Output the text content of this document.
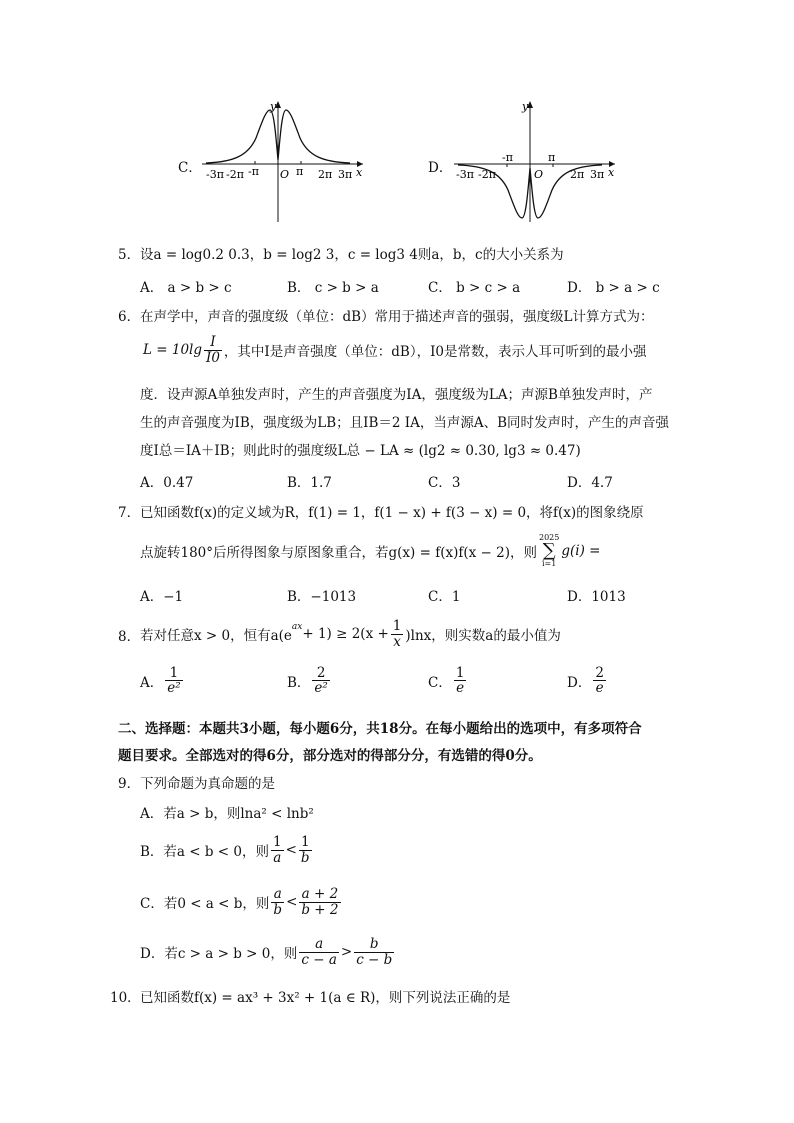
C． -3π -2π -π O π 2π 3π x
y
D． -3π -2π
-π
O
π
2π 3π x
y
5． 设a = log0.2 0.3，b = log2 3，c = log3 4则a，b，c的大小关系为
A． a > b > c	B． c > b > a	C． b > c > a	D． b > a > c
6． 在声学中，声音的强度级（单位：dB）常用于描述声音的强弱，强度级L计算方式为：
$L = 10\lg \frac{I}{I0}$ ，其中I是声音强度（单位：dB），I0是常数，表示人耳可听到的最小强
度．设声源A单独发声时，产生的声音强度为IA，强度级为LA；声源B单独发声时，产
生的声音强度为IB，强度级为LB；且IB＝2 IA，当声源A、B同时发声时，产生的声音强
度I总＝IA＋IB；则此时的强度级L总 − LA ≈ (lg2 ≈ 0.30, lg3 ≈ 0.47)
A．0.47	B．1.7	C．3	D．4.7
7． 已知函数f(x)的定义域为R，f(1) = 1，f(1 − x) + f(3 − x) = 0，将f(x)的图象绕原
点旋转180°后所得图象与原图象重合，若g(x) = f(x)f(x − 2)，则
2025
∑
i=1
g(i) =
A．−1	B．−1013	C．1	D．1013
8． 若对任意x > 0，恒有a(e
$^{ax} + 1) \ge 2(x + \frac{1}{x} )\ln x$，则实数a的最小值为
A． $\frac{1}{\text{e²}}$	B． $\frac{2}{\text{e²}}$	C． $\frac{1}{e}$	D． $\frac{2}{e}$
二、选择题：本题共3小题，每小题6分，共18分。在每小题给出的选项中，有多项符合
题目要求。全部选对的得6分，部分选对的得部分分，有选错的得0分。
9． 下列命题为真命题的是
A．若a > b，则lna² < lnb²
B．若a < b < 0，则 $\frac{1}{a} < \frac{1}{b}$
C．若0 < a < b，则 $\frac{a}{b} < \frac{a + 2}{b + 2}$
D．若c > a > b > 0，则 $\frac{a}{c - a} > \frac{b}{c - b}$
10． 已知函数f(x) = ax³ + 3x² + 1(a ∈ R)，则下列说法正确的是
